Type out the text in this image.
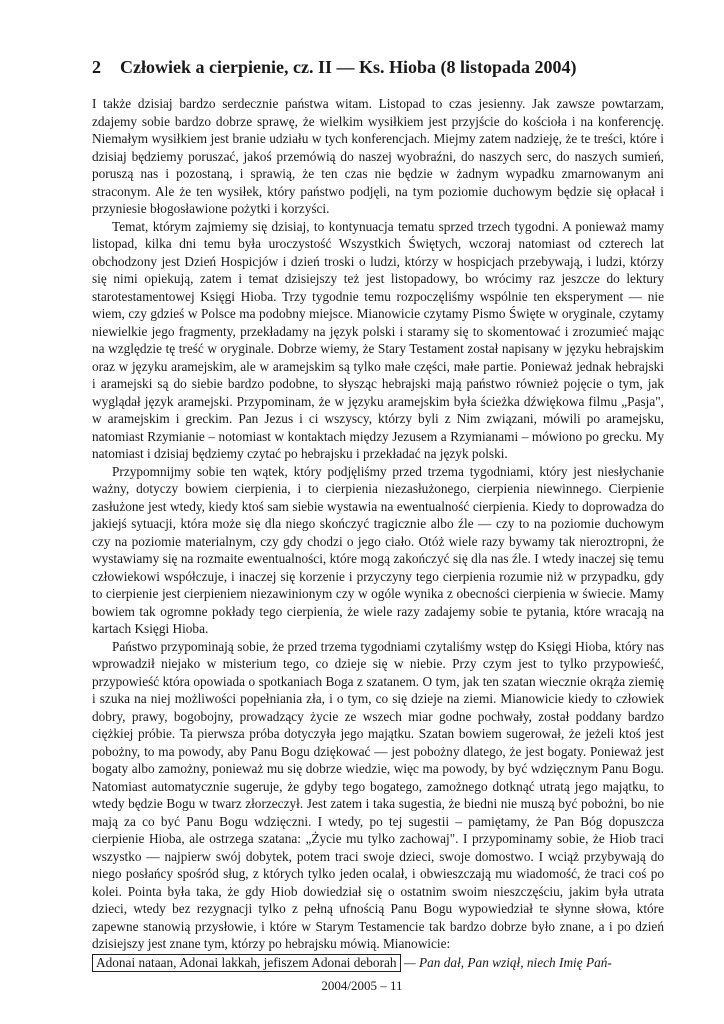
2 Człowiek a cierpienie, cz. II — Ks. Hioba (8 listopada 2004)

I także dzisiaj bardzo serdecznie państwa witam. Listopad to czas jesienny. Jak zawsze powtarzam, zdajemy sobie bardzo dobrze sprawę, że wielkim wysiłkiem jest przyjście do kościoła i na konferencję. Niemałym wysiłkiem jest branie udziału w tych konferencjach. Miejmy zatem nadzieję, że te treści, które i dzisiaj będziemy poruszać, jakoś przemówią do naszej wyobraźni, do naszych serc, do naszych sumień, poruszą nas i pozostaną, i sprawią, że ten czas nie będzie w żadnym wypadku zmarnowanym ani straconym. Ale że ten wysiłek, który państwo podjęli, na tym poziomie duchowym będzie się opłacał i przyniesie błogosławione pożytki i korzyści.

Temat, którym zajmiemy się dzisiaj, to kontynuacja tematu sprzed trzech tygodni. A ponieważ mamy listopad, kilka dni temu była uroczystość Wszystkich Świętych, wczoraj natomiast od czterech lat obchodzony jest Dzień Hospicjów i dzień troski o ludzi, którzy w hospicjach przebywają, i ludzi, którzy się nimi opiekują, zatem i temat dzisiejszy też jest listopadowy, bo wrócimy raz jeszcze do lektury starotestamentowej Księgi Hioba. Trzy tygodnie temu rozpoczęliśmy wspólnie ten eksperyment — nie wiem, czy gdzieś w Polsce ma podobny miejsce. Mianowicie czytamy Pismo Święte w oryginale, czytamy niewielkie jego fragmenty, przekładamy na język polski i staramy się to skomentować i zrozumieć mając na względzie tę treść w oryginale. Dobrze wiemy, że Stary Testament został napisany w języku hebrajskim oraz w języku aramejskim, ale w aramejskim są tylko małe części, małe partie. Ponieważ jednak hebrajski i aramejski są do siebie bardzo podobne, to słysząc hebrajski mają państwo również pojęcie o tym, jak wyglądał język aramejski. Przypominam, że w języku aramejskim była ścieżka dźwiękowa filmu „Pasja", w aramejskim i greckim. Pan Jezus i ci wszyscy, którzy byli z Nim związani, mówili po aramejsku, natomiast Rzymianie – notomiast w kontaktach między Jezusem a Rzymianami – mówiono po grecku. My natomiast i dzisiaj będziemy czytać po hebrajsku i przekładać na język polski.

Przypomnijmy sobie ten wątek, który podjęliśmy przed trzema tygodniami, który jest niesłychanie ważny, dotyczy bowiem cierpienia, i to cierpienia niezasłużonego, cierpienia niewinnego. Cierpienie zasłużone jest wtedy, kiedy ktoś sam siebie wystawia na ewentualność cierpienia. Kiedy to doprowadza do jakiejś sytuacji, która może się dla niego skończyć tragicznie albo źle — czy to na poziomie duchowym czy na poziomie materialnym, czy gdy chodzi o jego ciało. Otóż wiele razy bywamy tak nieroztropni, że wystawiamy się na rozmaite ewentualności, które mogą zakończyć się dla nas źle. I wtedy inaczej się temu człowiekowi współczuje, i inaczej się korzenie i przyczyny tego cierpienia rozumie niż w przypadku, gdy to cierpienie jest cierpieniem niezawinionym czy w ogóle wynika z obecności cierpienia w świecie. Mamy bowiem tak ogromne pokłady tego cierpienia, że wiele razy zadajemy sobie te pytania, które wracają na kartach Księgi Hioba.

Państwo przypominają sobie, że przed trzema tygodniami czytaliśmy wstęp do Księgi Hioba, który nas wprowadził niejako w misterium tego, co dzieje się w niebie. Przy czym jest to tylko przypowieść, przypowieść która opowiada o spotkaniach Boga z szatanem. O tym, jak ten szatan wiecznie okrąża ziemię i szuka na niej możliwości popełniania zła, i o tym, co się dzieje na ziemi. Mianowicie kiedy to człowiek dobry, prawy, bogobojny, prowadzący życie ze wszech miar godne pochwały, został poddany bardzo ciężkiej próbie. Ta pierwsza próba dotyczyła jego majątku. Szatan bowiem sugerował, że jeżeli ktoś jest pobożny, to ma powody, aby Panu Bogu dziękować — jest pobożny dlatego, że jest bogaty. Ponieważ jest bogaty albo zamożny, ponieważ mu się dobrze wiedzie, więc ma powody, by być wdzięcznym Panu Bogu. Natomiast automatycznie sugeruje, że gdyby tego bogatego, zamożnego dotknąć utratą jego majątku, to wtedy będzie Bogu w twarz złorzeczył. Jest zatem i taka sugestia, że biedni nie muszą być pobożni, bo nie mają za co być Panu Bogu wdzięczni. I wtedy, po tej sugestii – pamiętamy, że Pan Bóg dopuszcza cierpienie Hioba, ale ostrzega szatana: „Życie mu tylko zachowaj". I przypominamy sobie, że Hiob traci wszystko — najpierw swój dobytek, potem traci swoje dzieci, swoje domostwo. I wciąż przybywają do niego posłańcy spośród sług, z których tylko jeden ocalał, i obwieszczają mu wiadomość, że traci coś po kolei. Pointa była taka, że gdy Hiob dowiedział się o ostatnim swoim nieszczęściu, jakim była utrata dzieci, wtedy bez rezygnacji tylko z pełną ufnością Panu Bogu wypowiedział te słynne słowa, które zapewne stanowią przysłowie, i które w Starym Testamencie tak bardzo dobrze było znane, a i po dzień dzisiejszy jest znane tym, którzy po hebrajsku mówią. Mianowicie:

Adonai nataan, Adonai lakkah, jefiszem Adonai deborah — Pan dał, Pan wziął, niech Imię Pań-

2004/2005 – 11
